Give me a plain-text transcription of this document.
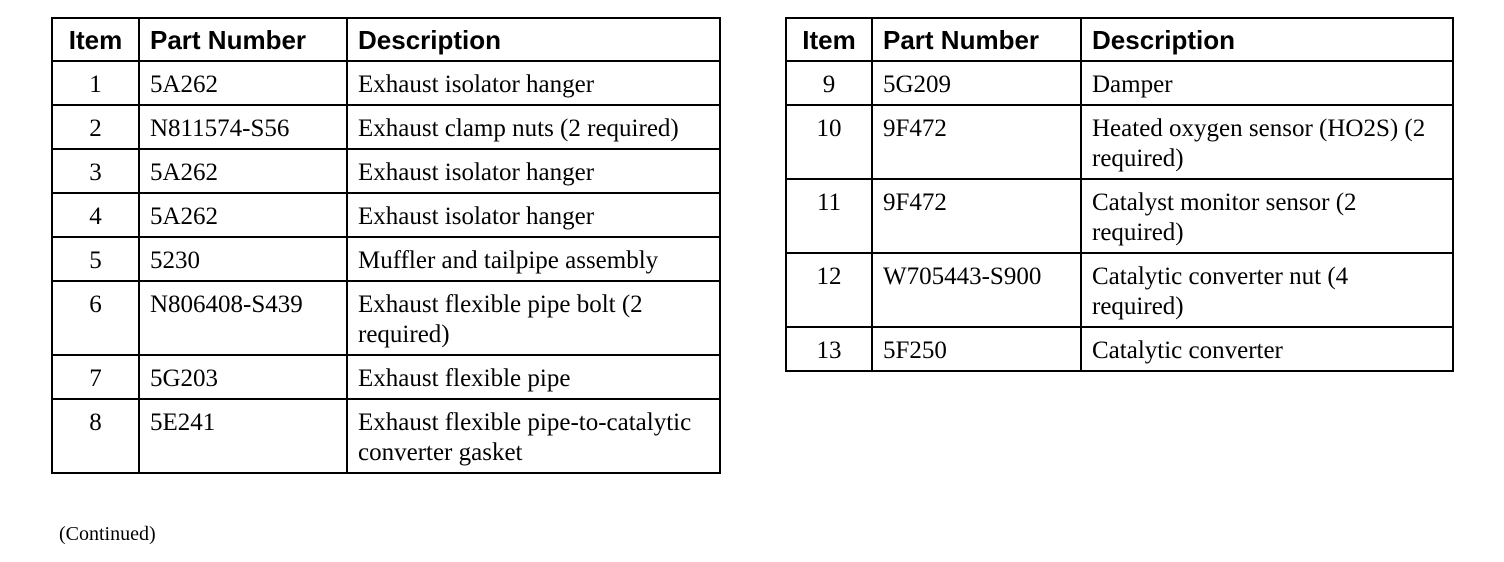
Item	Part Number	Description
1	5A262	Exhaust isolator hanger
2	N811574-S56	Exhaust clamp nuts (2 required)
3	5A262	Exhaust isolator hanger
4	5A262	Exhaust isolator hanger
5	5230	Muffler and tailpipe assembly
6	N806408-S439	Exhaust flexible pipe bolt (2 required)
7	5G203	Exhaust flexible pipe
8	5E241	Exhaust flexible pipe-to-catalytic converter gasket
Item	Part Number	Description
9	5G209	Damper
10	9F472	Heated oxygen sensor (HO2S) (2 required)
11	9F472	Catalyst monitor sensor (2 required)
12	W705443-S900	Catalytic converter nut (4 required)
13	5F250	Catalytic converter
(Continued)
